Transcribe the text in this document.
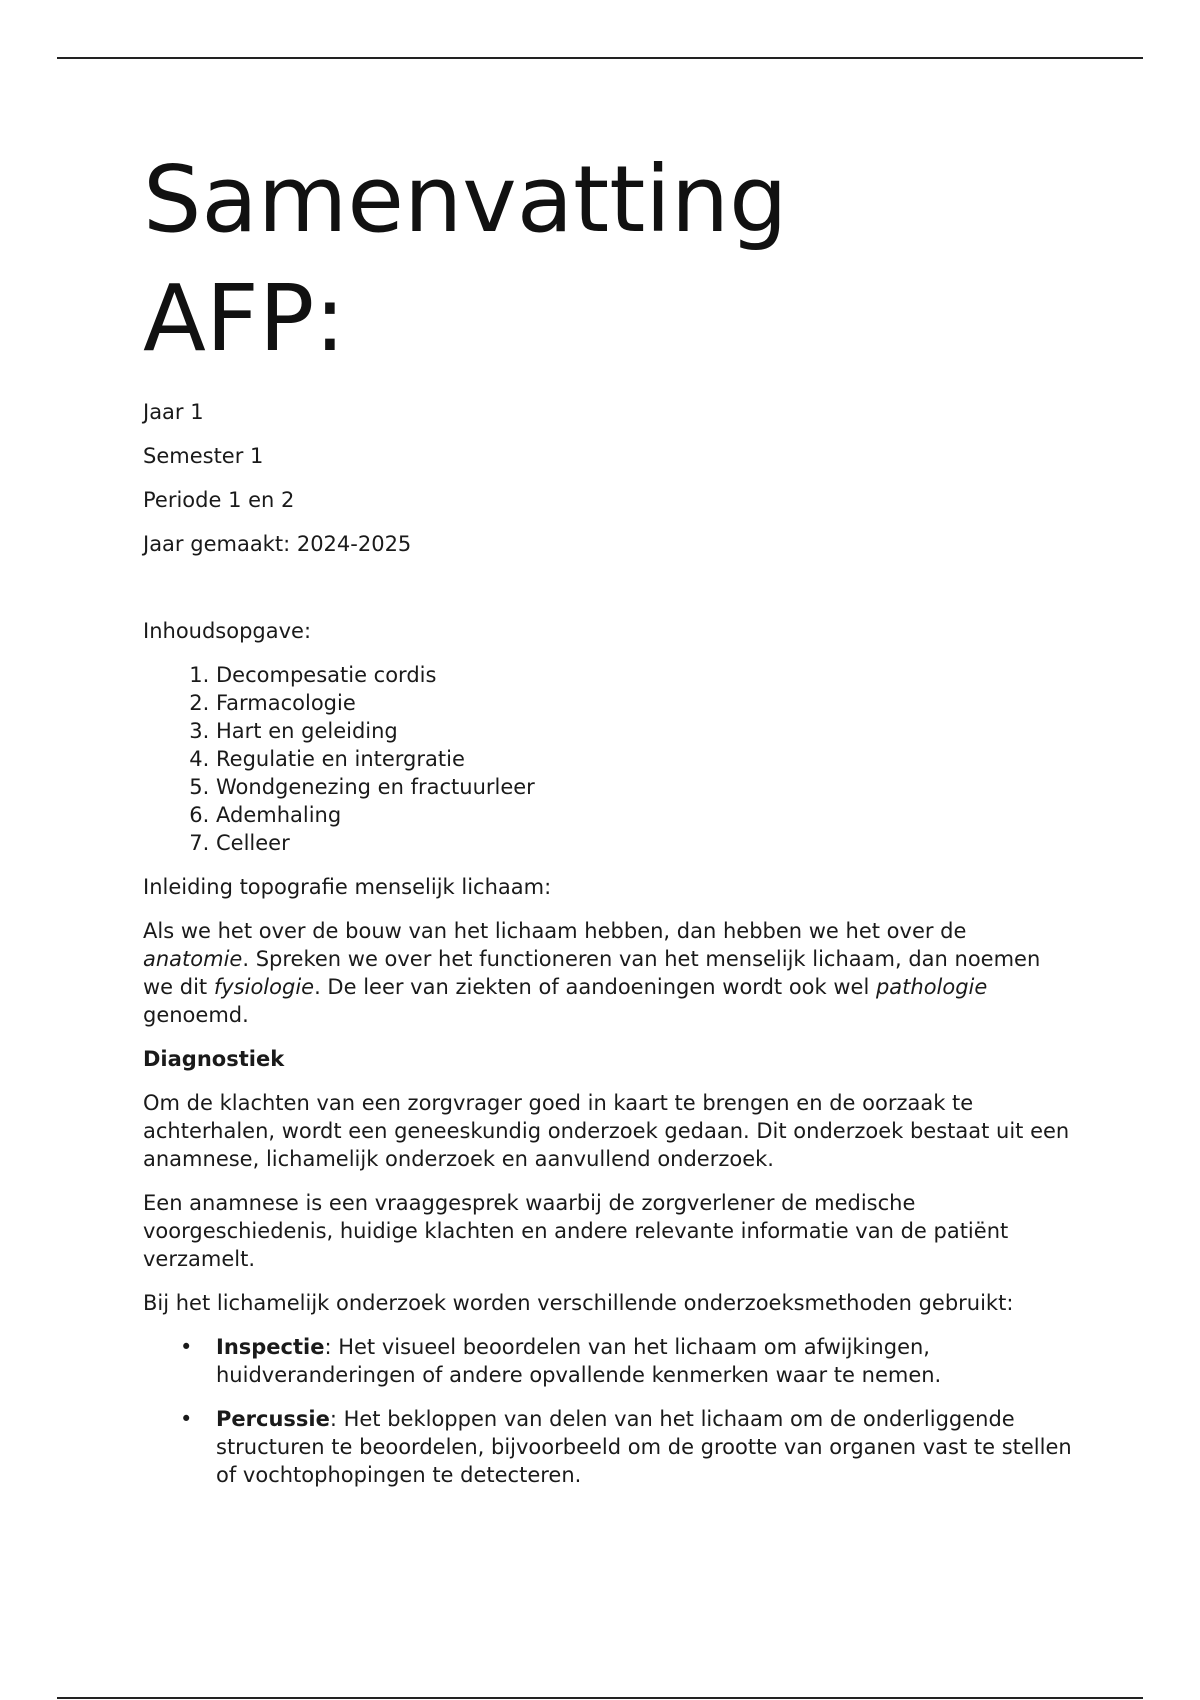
Samenvatting
AFP:

Jaar 1

Semester 1

Periode 1 en 2

Jaar gemaakt: 2024-2025

Inhoudsopgave:

1. Decompesatie cordis
2. Farmacologie
3. Hart en geleiding
4. Regulatie en intergratie
5. Wondgenezing en fractuurleer
6. Ademhaling
7. Celleer

Inleiding topografie menselijk lichaam:

Als we het over de bouw van het lichaam hebben, dan hebben we het over de anatomie. Spreken we over het functioneren van het menselijk lichaam, dan noemen we dit fysiologie. De leer van ziekten of aandoeningen wordt ook wel pathologie genoemd.

Diagnostiek

Om de klachten van een zorgvrager goed in kaart te brengen en de oorzaak te achterhalen, wordt een geneeskundig onderzoek gedaan. Dit onderzoek bestaat uit een anamnese, lichamelijk onderzoek en aanvullend onderzoek.

Een anamnese is een vraaggesprek waarbij de zorgverlener de medische voorgeschiedenis, huidige klachten en andere relevante informatie van de patiënt verzamelt.

Bij het lichamelijk onderzoek worden verschillende onderzoeksmethoden gebruikt:

• Inspectie: Het visueel beoordelen van het lichaam om afwijkingen, huidveranderingen of andere opvallende kenmerken waar te nemen.
• Percussie: Het bekloppen van delen van het lichaam om de onderliggende structuren te beoordelen, bijvoorbeeld om de grootte van organen vast te stellen of vochtophopingen te detecteren.
